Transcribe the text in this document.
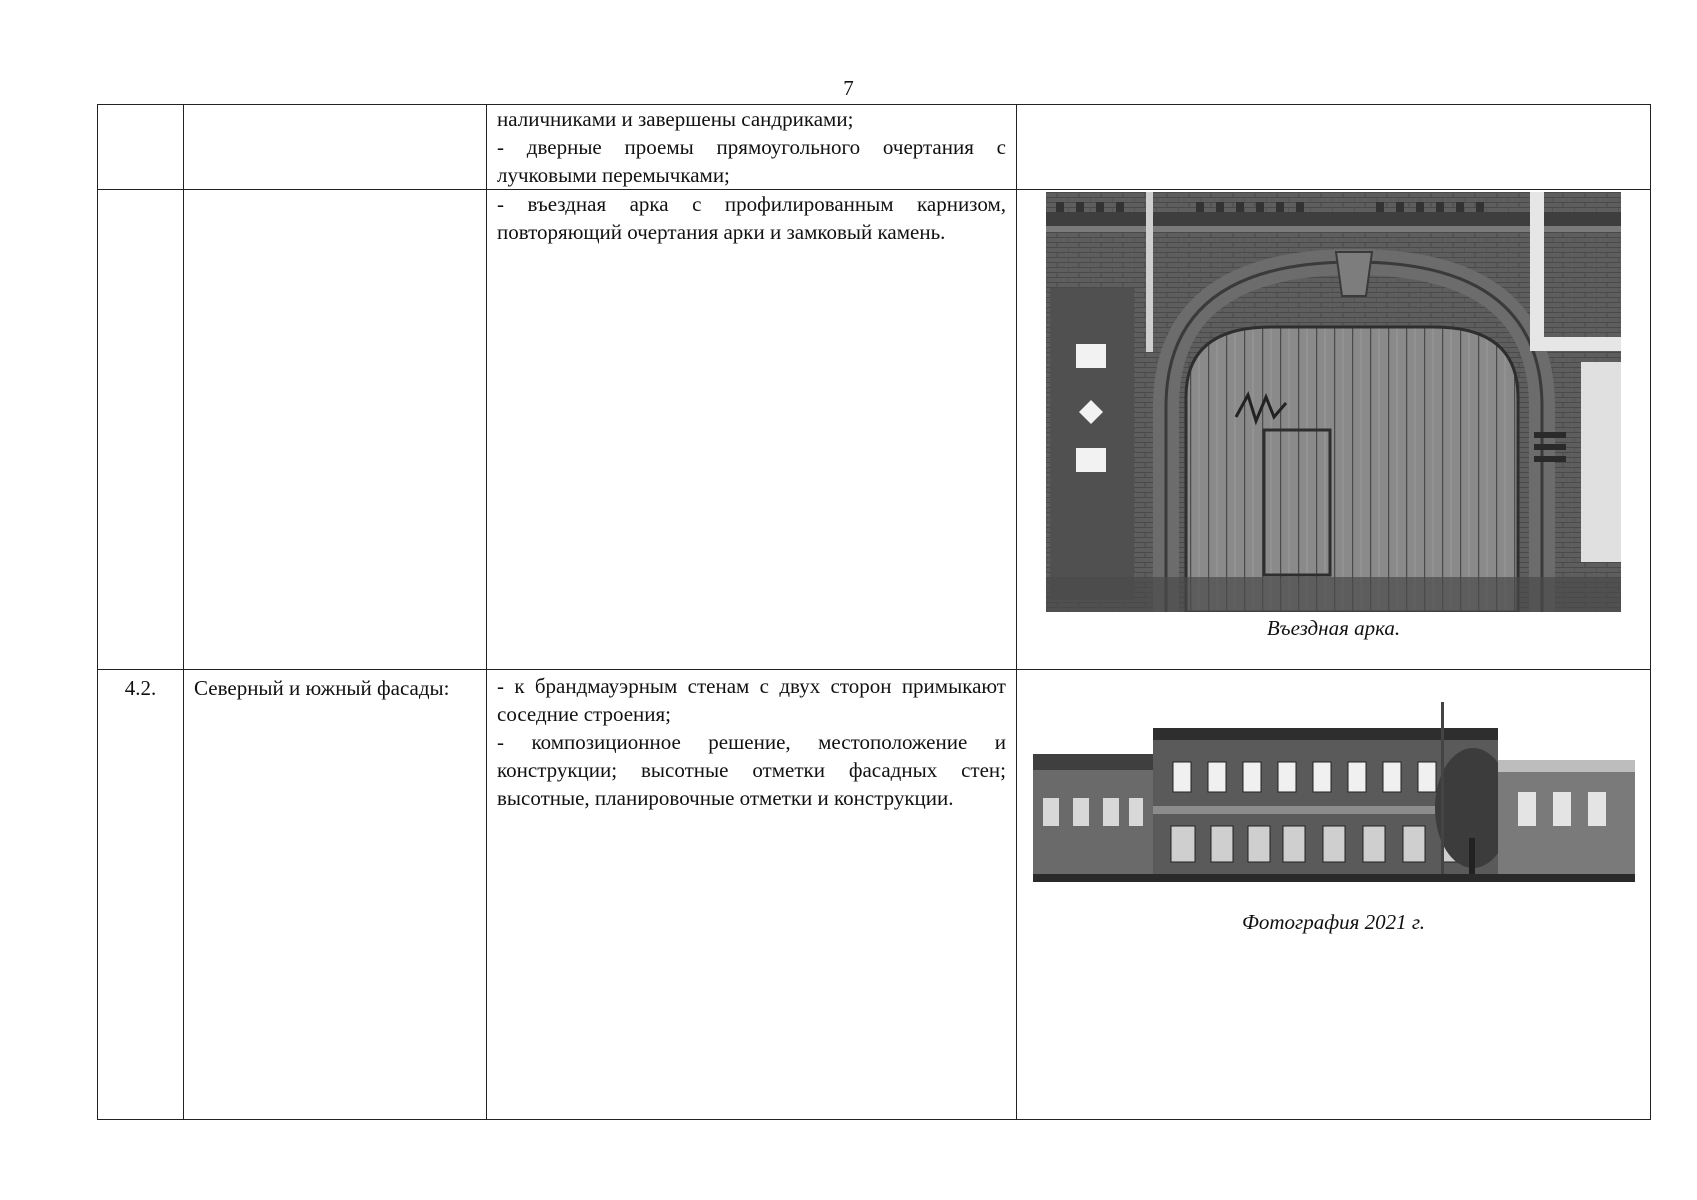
7

		наличниками и завершены сандриками;

- дверные проемы прямоугольного очертания с лучковыми перемычками;	

		- въездная арка с профилированным карнизом, повторяющий очертания арки и замковый камень.	Въездная арка.

4.2.	Северный и южный фасады:	- к брандмауэрным стенам с двух сторон примыкают соседние строения;

- композиционное решение, местоположение и конструкции; высотные отметки фасадных стен; высотные, планировочные отметки и конструкции.	Фотография 2021 г.
